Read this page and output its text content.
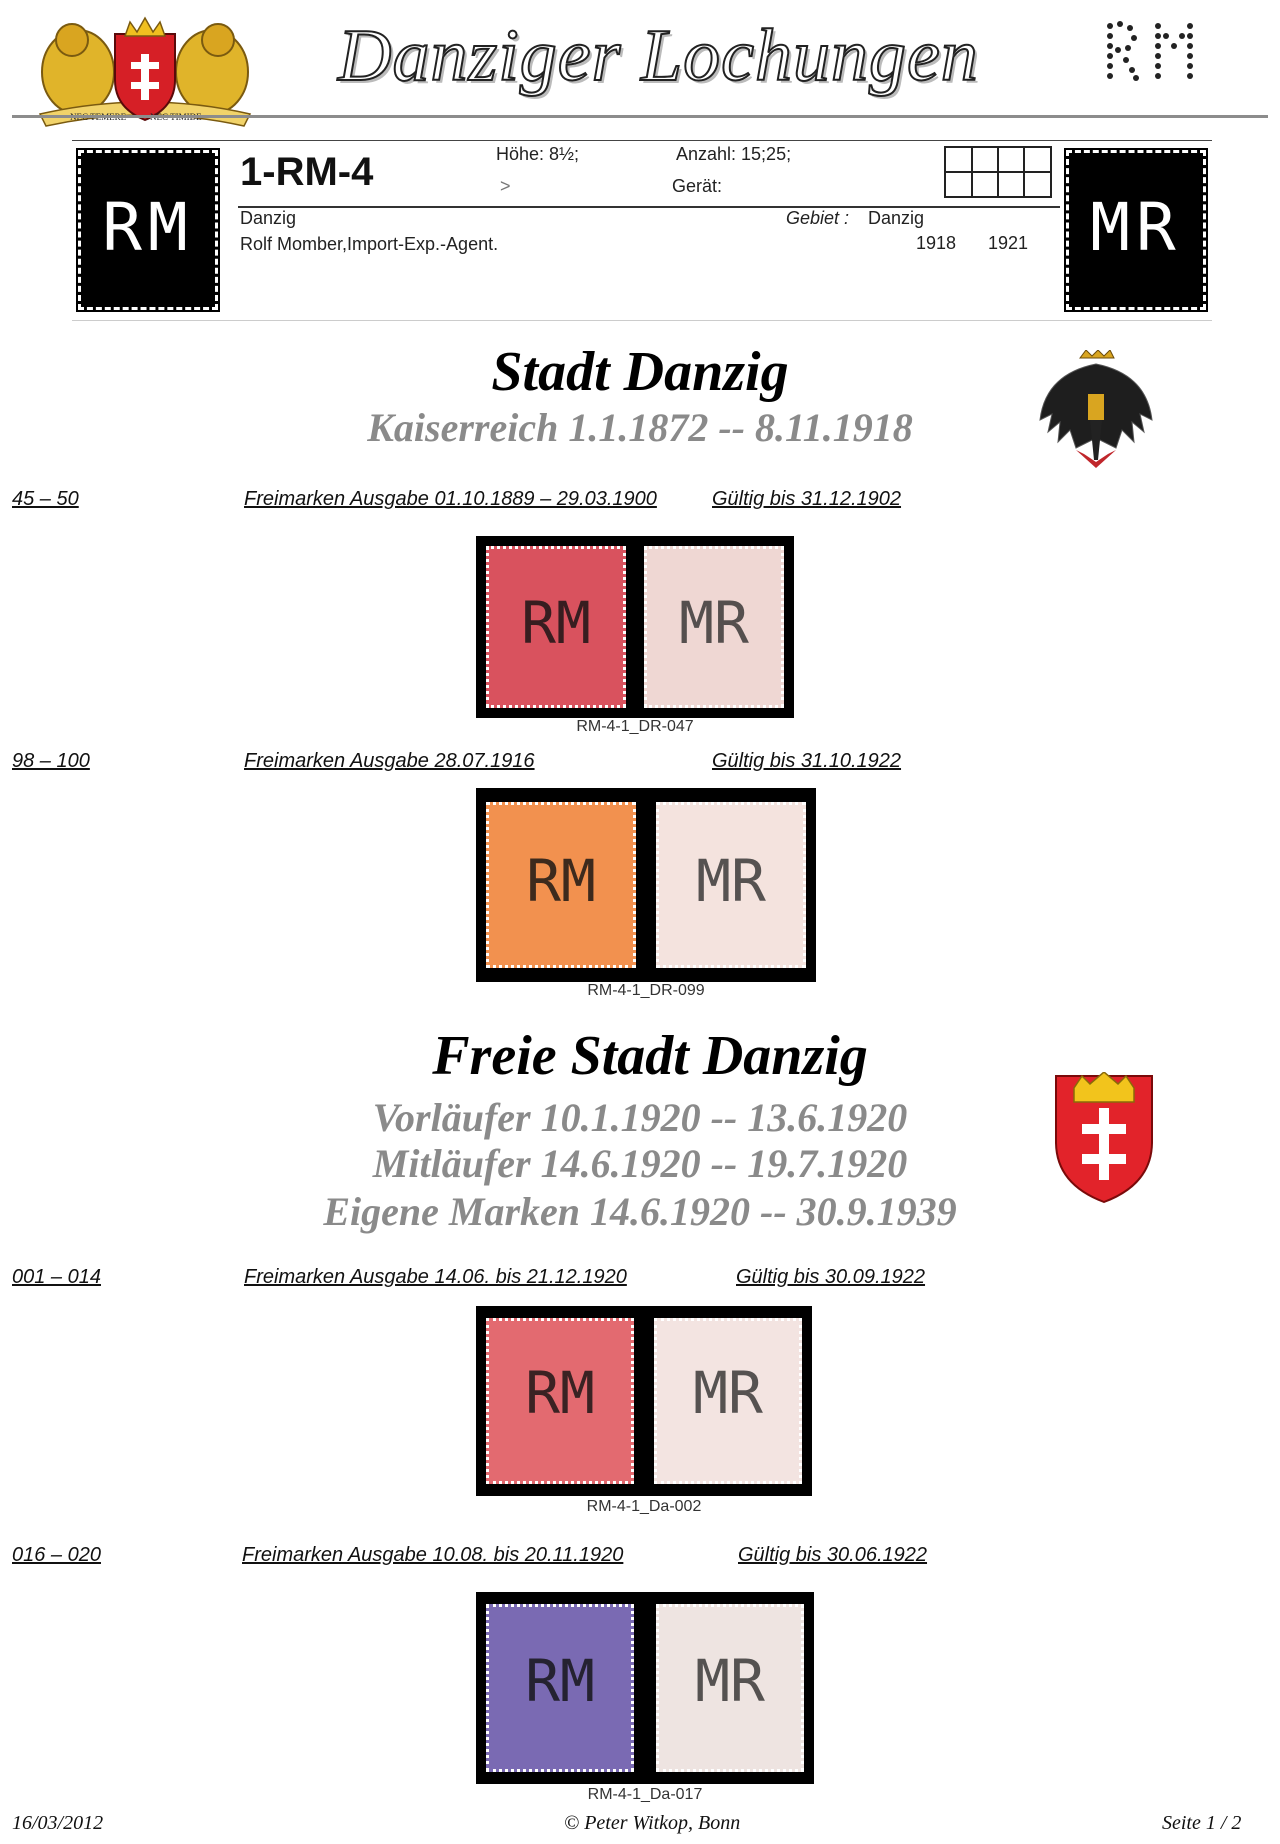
Danziger Lochungen
RM	MR
1-RM-4	Höhe: 8½;	Anzahl: 15;25;
>	Gerät:
Danzig
Rolf Momber,Import-Exp.-Agent.
Gebiet : Danzig
1918 1921
Stadt Danzig
Kaiserreich 1.1.1872 -- 8.11.1918
45 – 50	Freimarken Ausgabe 01.10.1889 – 29.03.1900	Gültig bis 31.12.1902
RM	MR
RM-4-1_DR-047
98 – 100	Freimarken Ausgabe 28.07.1916	Gültig bis 31.10.1922
RM	MR
RM-4-1_DR-099
Freie Stadt Danzig
Vorläufer 10.1.1920 -- 13.6.1920
Mitläufer 14.6.1920 -- 19.7.1920
Eigene Marken 14.6.1920 -- 30.9.1939
001 – 014	Freimarken Ausgabe 14.06. bis 21.12.1920	Gültig bis 30.09.1922
RM	MR
RM-4-1_Da-002
016 – 020	Freimarken Ausgabe 10.08. bis 20.11.1920	Gültig bis 30.06.1922
RM	MR
RM-4-1_Da-017
16/03/2012	© Peter Witkop, Bonn	Seite 1 / 2
